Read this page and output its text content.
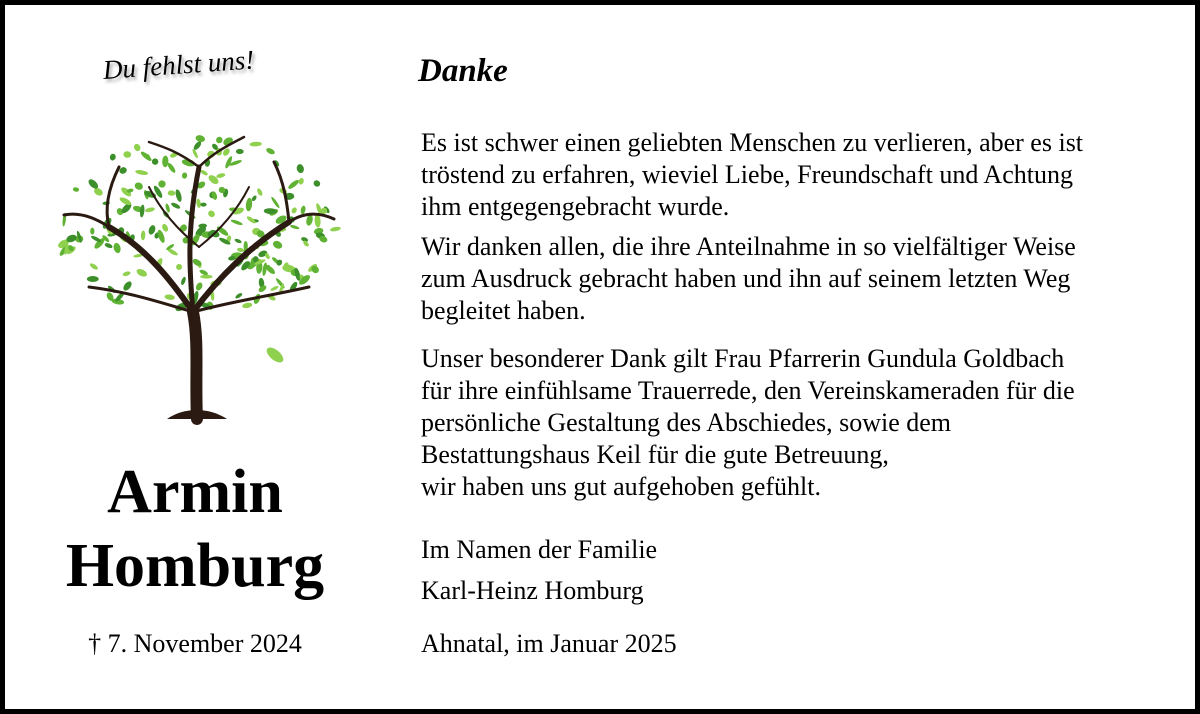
Du fehlst uns!
Armin
Homburg
† 7. November 2024
Danke

Es ist schwer einen geliebten Menschen zu verlieren, aber es ist
tröstend zu erfahren, wieviel Liebe, Freundschaft und Achtung
ihm entgegengebracht wurde.

Wir danken allen, die ihre Anteilnahme in so vielfältiger Weise
zum Ausdruck gebracht haben und ihn auf seinem letzten Weg
begleitet haben.

Unser besonderer Dank gilt Frau Pfarrerin Gundula Goldbach
für ihre einfühlsame Trauerrede, den Vereinskameraden für die
persönliche Gestaltung des Abschiedes, sowie dem
Bestattungshaus Keil für die gute Betreuung,
wir haben uns gut aufgehoben gefühlt.

Im Namen der Familie
Karl-Heinz Homburg
Ahnatal, im Januar 2025
